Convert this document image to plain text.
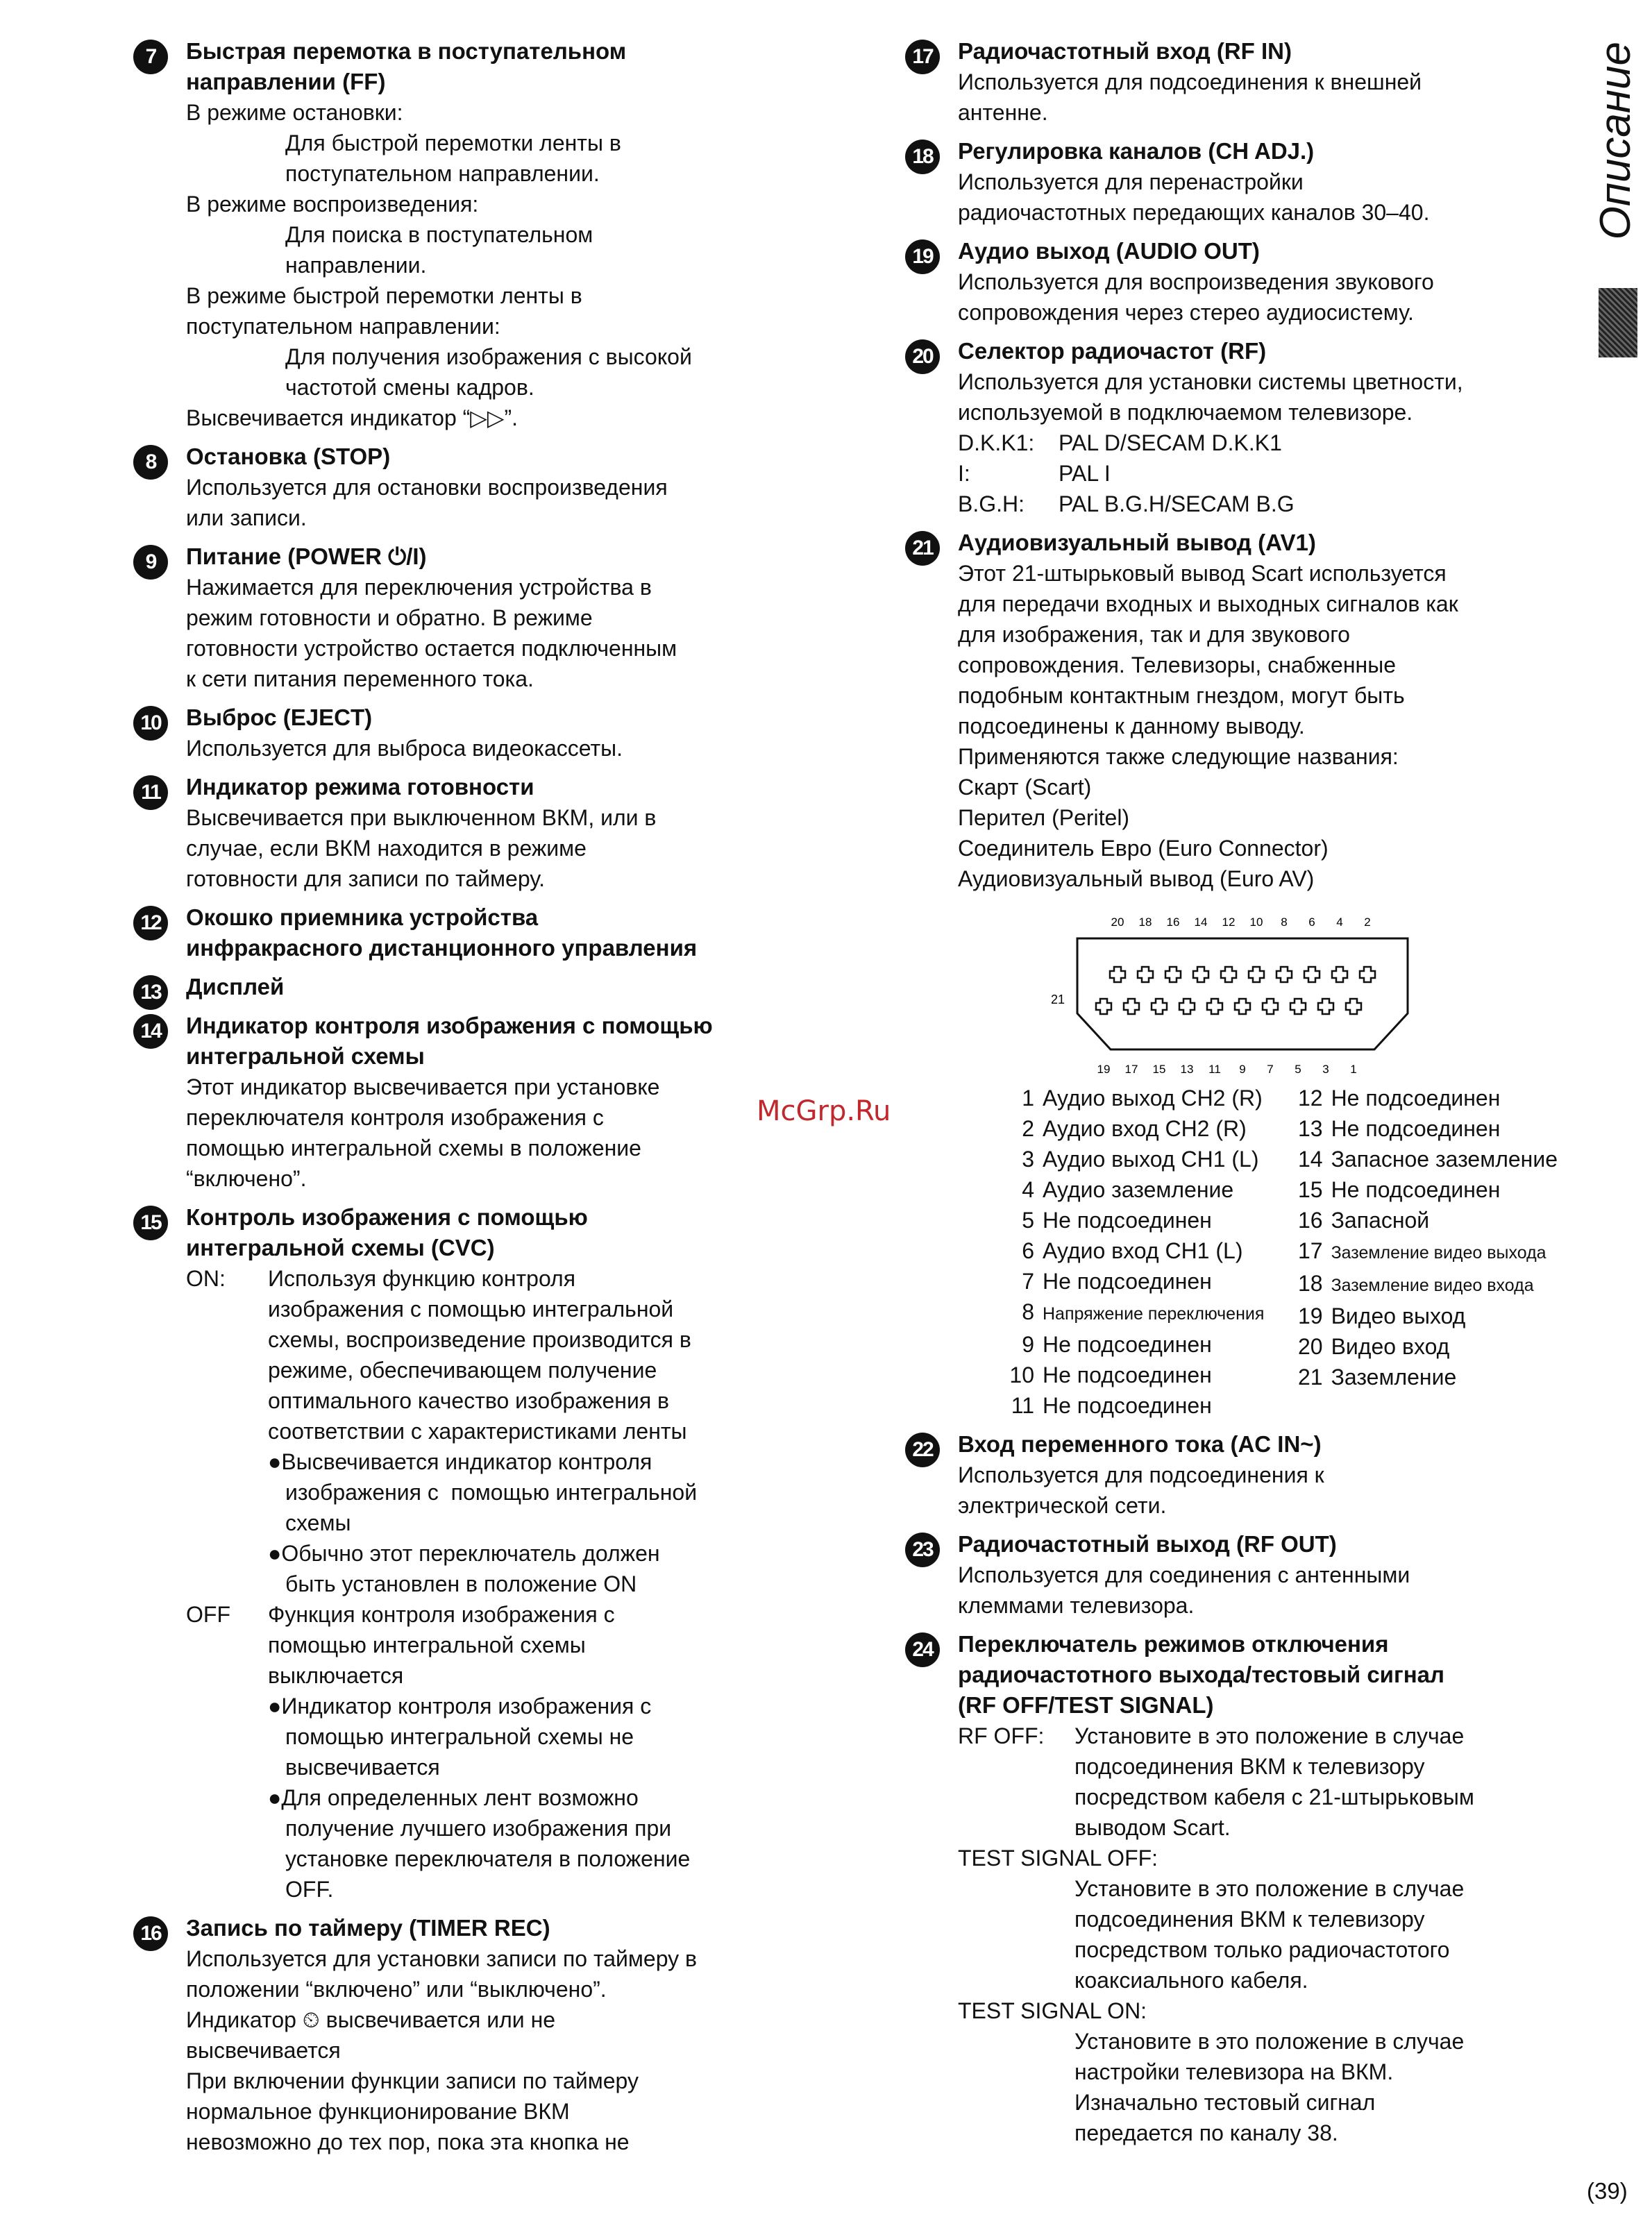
Описание
McGrp.Ru
(39)
7	Быстрая перемотка в поступательном
направлении (FF)

В режиме остановки:

Для быстрой перемотки ленты в

поступательном направлении.

В режиме воспроизведения:

Для поиска в поступательном

направлении.

В режиме быстрой перемотки ленты в

поступательном направлении:

Для получения изображения с высокой

частотой смены кадров.

Высвечивается индикатор “▷▷”.

8	Остановка (STOP)

Используется для остановки воспроизведения

или записи.

9	Питание (POWER ⏻/I)

Нажимается для переключения устройства в

режим готовности и обратно. В режиме

готовности устройство остается подключенным

к сети питания переменного тока.

10	Выброс (EJECT)

Используется для выброса видеокассеты.

11	Индикатор режима готовности

Высвечивается при выключенном ВКМ, или в

случае, если ВКМ находится в режиме

готовности для записи по таймеру.

12	Окошко приемника устройства
инфракрасного дистанционного управления
13	Дисплей
14	Индикатор контроля изображения с помощью
интегральной схемы

Этот индикатор высвечивается при установке

переключателя контроля изображения с

помощью интегральной схемы в положение

“включено”.

15	Контроль изображения с помощью
интегральной схемы (CVC)
ON: Используя функцию контроля

изображения с помощью интегральной

схемы, воспроизведение производится в

режиме, обеспечивающем получение

оптимального качество изображения в

соответствии с характеристиками ленты

●Высвечивается индикатор контроля

изображения с  помощью интегральной

схемы

●Обычно этот переключатель должен

быть установлен в положение ON

OFF Функция контроля изображения с

помощью интегральной схемы

выключается

●Индикатор контроля изображения с

помощью интегральной схемы не

высвечивается

●Для определенных лент возможно

получение лучшего изображения при

установке переключателя в положение

OFF.

16	Запись по таймеру (TIMER REC)

Используется для установки записи по таймеру в

положении “включено” или “выключено”.

Индикатор ⏲ высвечивается или не

высвечивается

При включении функции записи по таймеру

нормальное функционирование ВКМ

невозможно до тех пор, пока эта кнопка не

17	Радиочастотный вход (RF IN)

Используется для подсоединения к внешней

антенне.

18	Регулировка каналов (CH ADJ.)

Используется для перенастройки

радиочастотных передающих каналов 30–40.

19	Аудио выход (AUDIO OUT)

Используется для воспроизведения звукового

сопровождения через стерео аудиосистему.

20	Селектор радиочастот (RF)

Используется для установки системы цветности,

используемой в подключаемом телевизоре.

D.K.K1: PAL D/SECAM D.K.K1
I:	PAL I
B.G.H: PAL B.G.H/SECAM B.G
21	Аудиовизуальный вывод (AV1)

Этот 21-штырьковый вывод Scart используется

для передачи входных и выходных сигналов как

для изображения, так и для звукового

сопровождения. Телевизоры, снабженные

подобным контактным гнездом, могут быть

подсоединены к данному выводу.

Применяются также следующие названия:

Скарт (Scart)

Перител (Peritel)

Соединитель Евро (Euro Connector)

Аудиовизуальный вывод (Euro AV)

20 18 16 14 12 10 8 6 4 2
19 17 15 13 11 9 7 5 3 1
21
1 Аудио выход CH2 (R)
2 Аудио вход CH2 (R)
3 Аудио выход CH1 (L)
4 Аудио заземление
5 Не подсоединен
6 Аудио вход CH1 (L)
7 Не подсоединен
8 Напряжение переключения
9 Не подсоединен
10 Не подсоединен
11 Не подсоединен
12 Не подсоединен
13 Не подсоединен
14 Запасное заземление
15 Не подсоединен
16 Запасной
17 Заземление видео выхода
18 Заземление видео входа
19 Видео выход
20 Видео вход
21 Заземление
22	Вход переменного тока (AC IN~)

Используется для подсоединения к

электрической сети.

23	Радиочастотный выход (RF OUT)

Используется для соединения с антенными

клеммами телевизора.

24	Переключатель режимов отключения
радиочастотного выхода/тестовый сигнал
(RF OFF/TEST SIGNAL)
RF OFF: Установите в это положение в случае

подсоединения ВКМ к телевизору

посредством кабеля с 21-штырьковым

выводом Scart.

TEST SIGNAL OFF:

Установите в это положение в случае

подсоединения ВКМ к телевизору

посредством только радиочастотого

коаксиального кабеля.

TEST SIGNAL ON:

Установите в это положение в случае

настройки телевизора на ВКМ.

Изначально тестовый сигнал

передается по каналу 38.
